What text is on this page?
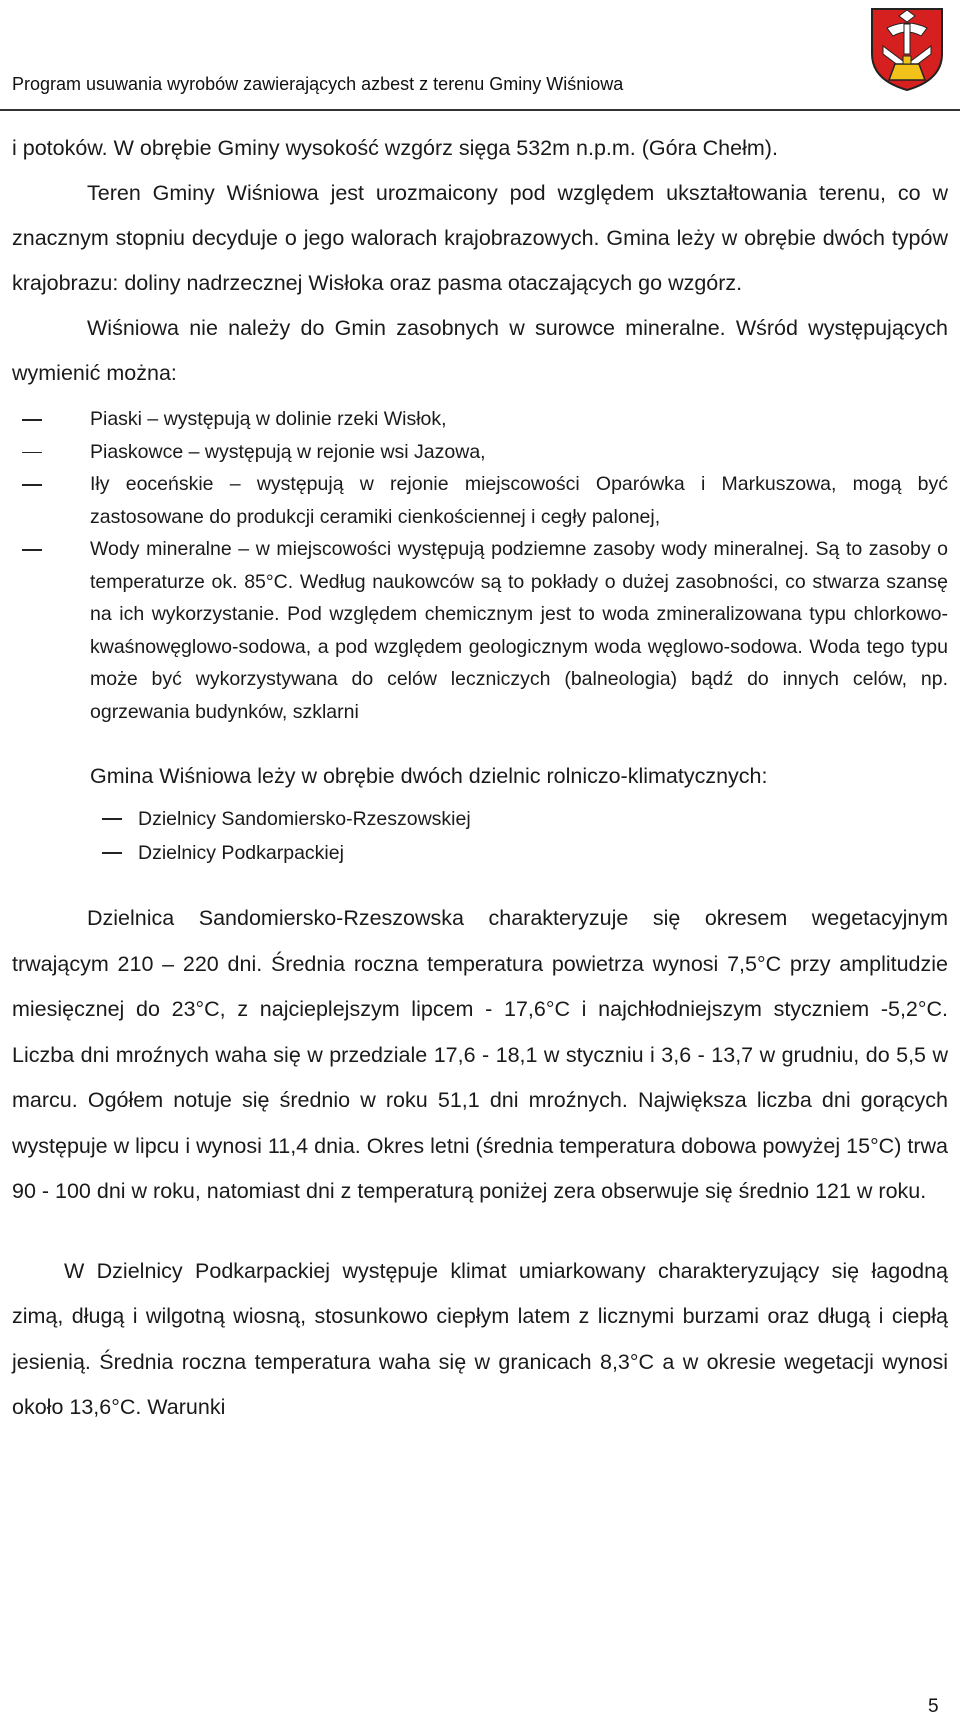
Program usuwania wyrobów zawierających azbest z terenu Gminy Wiśniowa

i potoków. W obrębie Gminy wysokość wzgórz sięga 532m n.p.m. (Góra Chełm).

Teren Gminy Wiśniowa jest urozmaicony pod względem ukształtowania terenu, co w znacznym stopniu decyduje o jego walorach krajobrazowych. Gmina leży w obrębie dwóch typów krajobrazu: doliny nadrzecznej Wisłoka oraz pasma otaczających go wzgórz.

Wiśniowa nie należy do Gmin zasobnych w surowce mineralne. Wśród występujących wymienić można:

Piaski – występują w dolinie rzeki Wisłok,
Piaskowce – występują w rejonie wsi Jazowa,
Iły eoceńskie – występują w rejonie miejscowości Oparówka i Markuszowa, mogą być zastosowane do produkcji ceramiki cienkościennej i cegły palonej,
Wody mineralne – w miejscowości występują podziemne zasoby wody mineralnej. Są to zasoby o temperaturze ok. 85°C. Według naukowców są to pokłady o dużej zasobności, co stwarza szansę na ich wykorzystanie. Pod względem chemicznym jest to woda zmineralizowana typu chlorkowo-kwaśnowęglowo-sodowa, a pod względem geologicznym woda węglowo-sodowa. Woda tego typu może być wykorzystywana do celów leczniczych (balneologia) bądź do innych celów, np. ogrzewania budynków, szklarni

Gmina Wiśniowa leży w obrębie dwóch dzielnic rolniczo-klimatycznych:

Dzielnicy Sandomiersko-Rzeszowskiej
Dzielnicy Podkarpackiej

Dzielnica Sandomiersko-Rzeszowska charakteryzuje się okresem wegetacyjnym trwającym 210 – 220 dni. Średnia roczna temperatura powietrza wynosi 7,5°C przy amplitudzie miesięcznej do 23°C, z najcieplejszym lipcem - 17,6°C i najchłodniejszym styczniem -5,2°C. Liczba dni mroźnych waha się w przedziale 17,6 - 18,1 w styczniu i 3,6 - 13,7 w grudniu, do 5,5 w marcu. Ogółem notuje się średnio w roku 51,1 dni mroźnych. Największa liczba dni gorących występuje w lipcu i wynosi 11,4 dnia. Okres letni (średnia temperatura dobowa powyżej 15°C) trwa 90 - 100 dni w roku, natomiast dni z temperaturą poniżej zera obserwuje się średnio 121 w roku.

W Dzielnicy Podkarpackiej występuje klimat umiarkowany charakteryzujący się łagodną zimą, długą i wilgotną wiosną, stosunkowo ciepłym latem z licznymi burzami oraz długą i ciepłą jesienią. Średnia roczna temperatura waha się w granicach 8,3°C a w okresie wegetacji wynosi około 13,6°C. Warunki

5
